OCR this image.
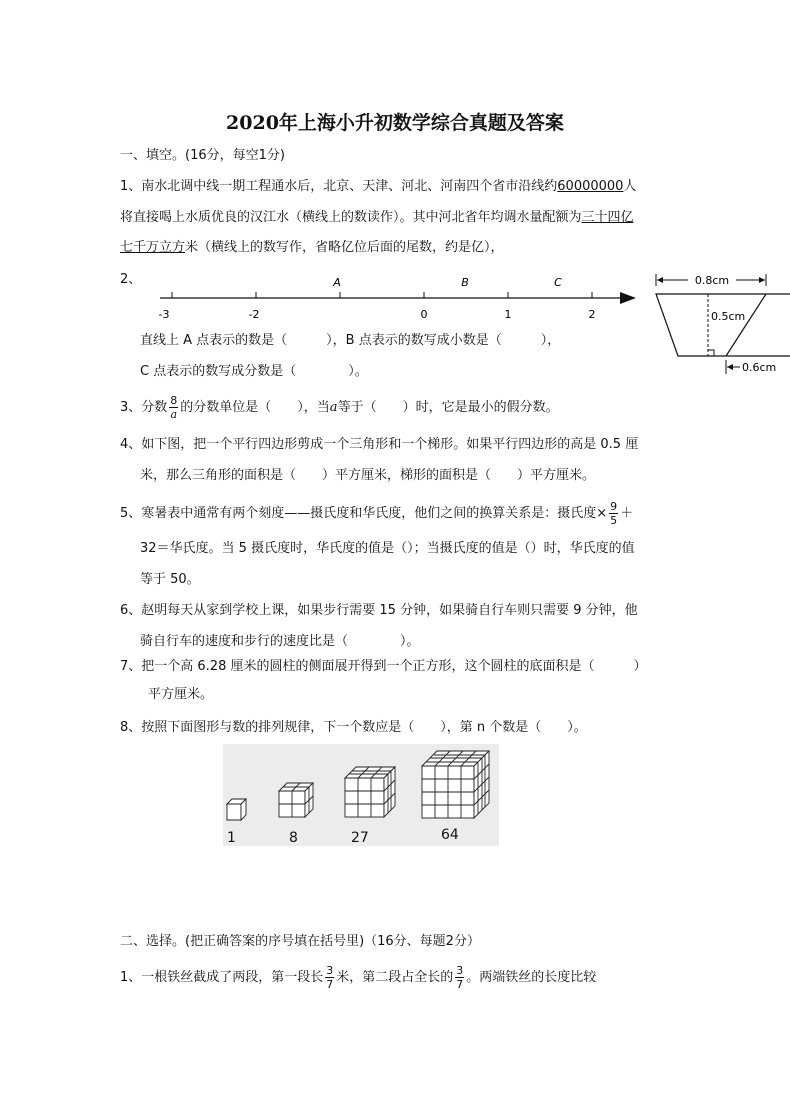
2020年上海小升初数学综合真题及答案
一、填空。(16分，每空1分)
1、南水北调中线一期工程通水后，北京、天津、河北、河南四个省市沿线约60000000人
将直接喝上水质优良的汉江水（横线上的数读作）。其中河北省年均调水量配额为三十四亿
七千万立方米（横线上的数写作，省略亿位后面的尾数，约是亿），
2、
-3	-2	0	1	2
A	B	C	0.8cm
0.5cm
0.6cm
直线上 A 点表示的数是（　　　），B 点表示的数写成小数是（　　　），
C 点表示的数写成分数是（　　　　）。
3、分数 $\frac{8}{a}$ 的分数单位是（　　），当a等于（　　）时，它是最小的假分数。
4、如下图，把一个平行四边形剪成一个三角形和一个梯形。如果平行四边形的高是 0.5 厘
米，那么三角形的面积是（　　）平方厘米，梯形的面积是（　　）平方厘米。
5、寒暑表中通常有两个刻度——摄氏度和华氏度，他们之间的换算关系是：摄氏度× $\frac{9}{5}$ ＋
32＝华氏度。当 5 摄氏度时，华氏度的值是（）；当摄氏度的值是（）时，华氏度的值
等于 50。
6、赵明每天从家到学校上课，如果步行需要 15 分钟，如果骑自行车则只需要 9 分钟，他
骑自行车的速度和步行的速度比是（　　　　）。
7、把一个高 6.28 厘米的圆柱的侧面展开得到一个正方形，这个圆柱的底面积是（　　　）
平方厘米。
8、按照下面图形与数的排列规律，下一个数应是（　　），第 n 个数是（　　）。
1	8	27	64
二、选择。(把正确答案的序号填在括号里)（16分、每题2分）
1、一根铁丝截成了两段，第一段长 $\frac{3}{7}$ 米，第二段占全长的 $\frac{3}{7}$ 。两端铁丝的长度比较
